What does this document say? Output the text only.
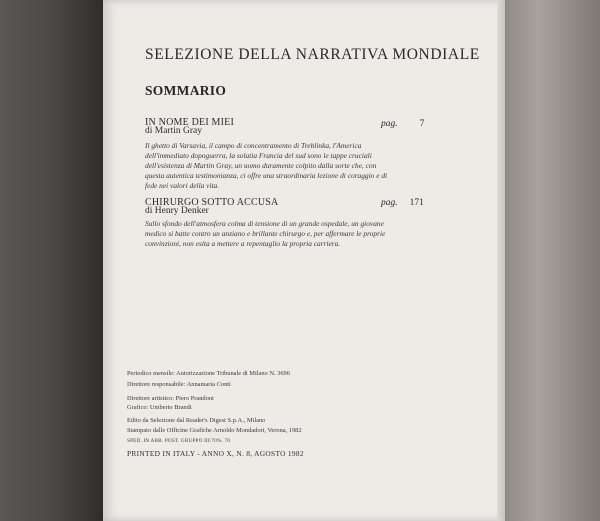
SELEZIONE DELLA NARRATIVA MONDIALE
SOMMARIO
IN NOME DEI MIEI
di Martin Gray
pag. 7
Il ghetto di Varsavia, il campo di concentramento di Treblinka, l'America dell'immediato dopoguerra, la solatia Francia del sud sono le tappe cruciali dell'esistenza di Martin Gray, un uomo duramente colpito dalla sorte che, con questa autentica testimonianza, ci offre una straordinaria lezione di coraggio e di fede nei valori della vita.
CHIRURGO SOTTO ACCUSA
di Henry Denker
pag. 171
Sullo sfondo dell'atmosfera colma di tensione di un grande ospedale, un giovane medico si batte contro un anziano e brillante chirurgo e, per affermare le proprie convinzioni, non esita a mettere a repentaglio la propria carriera.
Periodico mensile: Autorizzazione Tribunale di Milano N. 3696
Direttore responsabile: Annamaria Conti
Direttore artistico: Piero Prandoni
Grafico: Umberto Brandi
Edito da Selezione dal Reader's Digest S.p.A., Milano
Stampato dalle Officine Grafiche Arnoldo Mondadori, Verona, 1982
SPED. IN ABB. POST. GRUPPO III/70%. 70
PRINTED IN ITALY - ANNO X, N. 8, AGOSTO 1982
